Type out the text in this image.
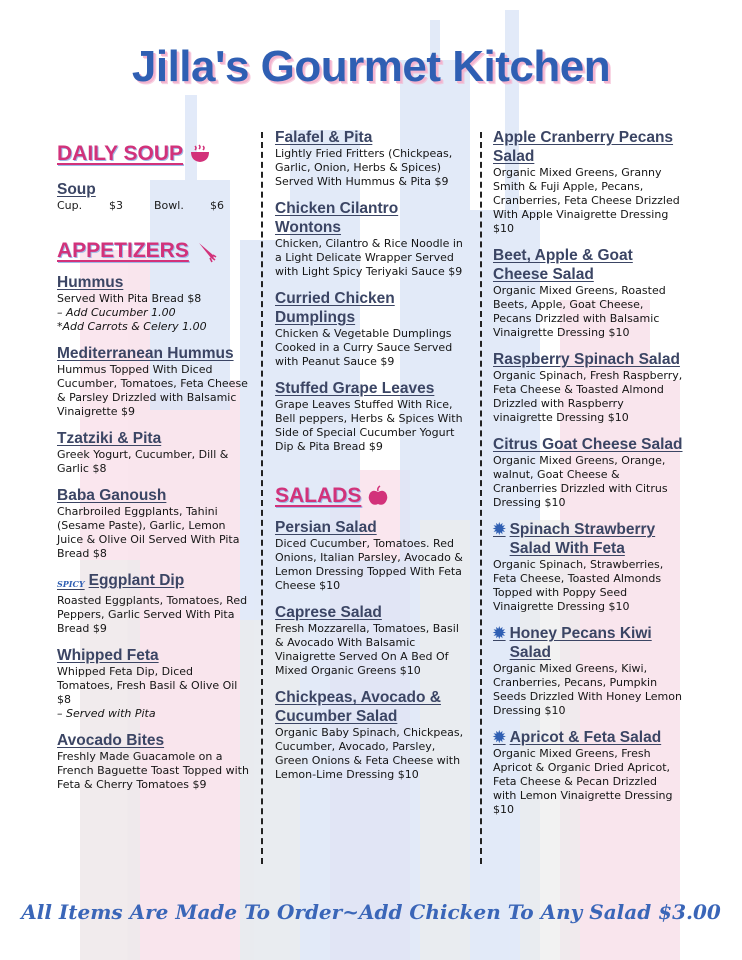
Jilla's Gourmet Kitchen
DAILY SOUP
Soup
Cup.	$3	Bowl.	$6
APPETIZERS
Hummus
Served With Pita Bread $8
– Add Cucumber 1.00
*Add Carrots & Celery 1.00
Mediterranean Hummus
Hummus Topped With Diced Cucumber, Tomatoes, Feta Cheese & Parsley Drizzled with Balsamic Vinaigrette $9
Tzatziki & Pita
Greek Yogurt, Cucumber, Dill & Garlic $8
Baba Ganoush
Charbroiled Eggplants, Tahini (Sesame Paste), Garlic, Lemon Juice & Olive Oil Served With Pita Bread $8
SPICY Eggplant Dip
Roasted Eggplants, Tomatoes, Red Peppers, Garlic Served With Pita Bread $9
Whipped Feta
Whipped Feta Dip, Diced Tomatoes, Fresh Basil & Olive Oil $8
– Served with Pita
Avocado Bites
Freshly Made Guacamole on a French Baguette Toast Topped with Feta & Cherry Tomatoes $9
Falafel & Pita
Lightly Fried Fritters (Chickpeas, Garlic, Onion, Herbs & Spices) Served With Hummus & Pita $9
Chicken Cilantro Wontons
Chicken, Cilantro & Rice Noodle in a Light Delicate Wrapper Served with Light Spicy Teriyaki Sauce $9
Curried Chicken Dumplings
Chicken & Vegetable Dumplings Cooked in a Curry Sauce Served with Peanut Sauce $9
Stuffed Grape Leaves
Grape Leaves Stuffed With Rice, Bell peppers, Herbs & Spices With Side of Special Cucumber Yogurt Dip & Pita Bread $9
SALADS
Persian Salad
Diced Cucumber, Tomatoes. Red Onions, Italian Parsley, Avocado & Lemon Dressing Topped With Feta Cheese $10
Caprese Salad
Fresh Mozzarella, Tomatoes, Basil & Avocado With Balsamic Vinaigrette Served On A Bed Of Mixed Organic Greens $10
Chickpeas, Avocado & Cucumber Salad
Organic Baby Spinach, Chickpeas, Cucumber, Avocado, Parsley, Green Onions & Feta Cheese with Lemon-Lime Dressing $10
Apple Cranberry Pecans Salad
Organic Mixed Greens, Granny Smith & Fuji Apple, Pecans, Cranberries, Feta Cheese Drizzled With Apple Vinaigrette Dressing $10
Beet, Apple & Goat Cheese Salad
Organic Mixed Greens, Roasted Beets, Apple, Goat Cheese, Pecans Drizzled with Balsamic Vinaigrette Dressing $10
Raspberry Spinach Salad
Organic Spinach, Fresh Raspberry, Feta Cheese & Toasted Almond Drizzled with Raspberry vinaigrette Dressing $10
Citrus Goat Cheese Salad
Organic Mixed Greens, Orange, walnut, Goat Cheese & Cranberries Drizzled with Citrus Dressing $10
✹ Spinach Strawberry Salad With Feta
Organic Spinach, Strawberries, Feta Cheese, Toasted Almonds Topped with Poppy Seed Vinaigrette Dressing $10
✹ Honey Pecans Kiwi Salad
Organic Mixed Greens, Kiwi, Cranberries, Pecans, Pumpkin Seeds Drizzled With Honey Lemon Dressing $10
✹ Apricot & Feta Salad
Organic Mixed Greens, Fresh Apricot & Organic Dried Apricot, Feta Cheese & Pecan Drizzled with Lemon Vinaigrette Dressing $10
All Items Are Made To Order~Add Chicken To Any Salad $3.00
